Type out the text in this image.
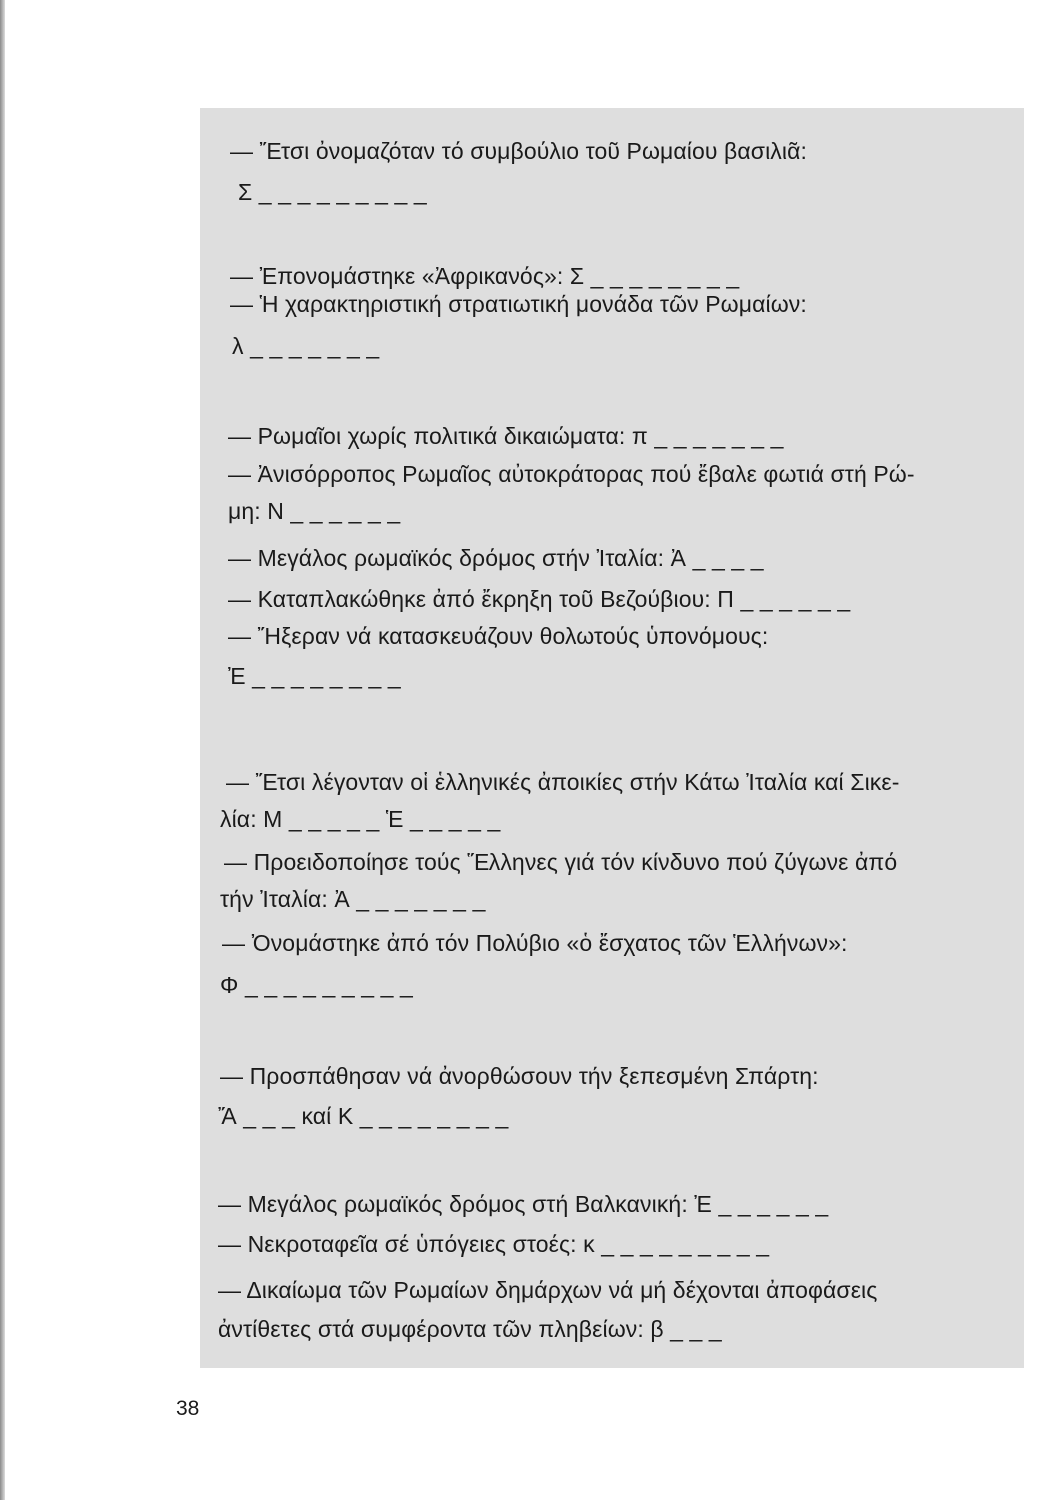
— Ἔτσι ὀνομαζόταν τό συμβούλιο τοῦ Ρωμαίου βασιλιᾶ:
Σ _ _ _ _ _ _ _ _ _
— Ἐπονομάστηκε «Ἀφρικανός»: Σ _ _ _ _ _ _ _ _
— Ἡ χαρακτηριστική στρατιωτική μονάδα τῶν Ρωμαίων:
λ _ _ _ _ _ _ _
— Ρωμαῖοι χωρίς πολιτικά δικαιώματα: π _ _ _ _ _ _ _
— Ἀνισόρροπος Ρωμαῖος αὐτοκράτορας πού ἔβαλε φωτιά στή Ρώ-
μη: Ν _ _ _ _ _ _
— Μεγάλος ρωμαϊκός δρόμος στήν Ἰταλία: Ἀ _ _ _ _
— Καταπλακώθηκε ἀπό ἔκρηξη τοῦ Βεζούβιου: Π _ _ _ _ _ _
— Ἤξεραν νά κατασκευάζουν θολωτούς ὑπονόμους:
Ἐ _ _ _ _ _ _ _ _
— Ἔτσι λέγονταν οἱ ἑλληνικές ἀποικίες στήν Κάτω Ἰταλία καί Σικε-
λία: Μ _ _ _ _ _ Ἑ _ _ _ _ _
— Προειδοποίησε τούς Ἕλληνες γιά τόν κίνδυνο πού ζύγωνε ἀπό
τήν Ἰταλία: Ἀ _ _ _ _ _ _ _
— Ὀνομάστηκε ἀπό τόν Πολύβιο «ὁ ἔσχατος τῶν Ἑλλήνων»:
Φ _ _ _ _ _ _ _ _ _
— Προσπάθησαν νά ἀνορθώσουν τήν ξεπεσμένη Σπάρτη:
Ἄ _ _ _ καί Κ _ _ _ _ _ _ _ _
— Μεγάλος ρωμαϊκός δρόμος στή Βαλκανική: Ἐ _ _ _ _ _ _
— Νεκροταφεῖα σέ ὑπόγειες στοές: κ _ _ _ _ _ _ _ _ _
— Δικαίωμα τῶν Ρωμαίων δημάρχων νά μή δέχονται ἀποφάσεις
ἀντίθετες στά συμφέροντα τῶν πληβείων: β _ _ _
38
